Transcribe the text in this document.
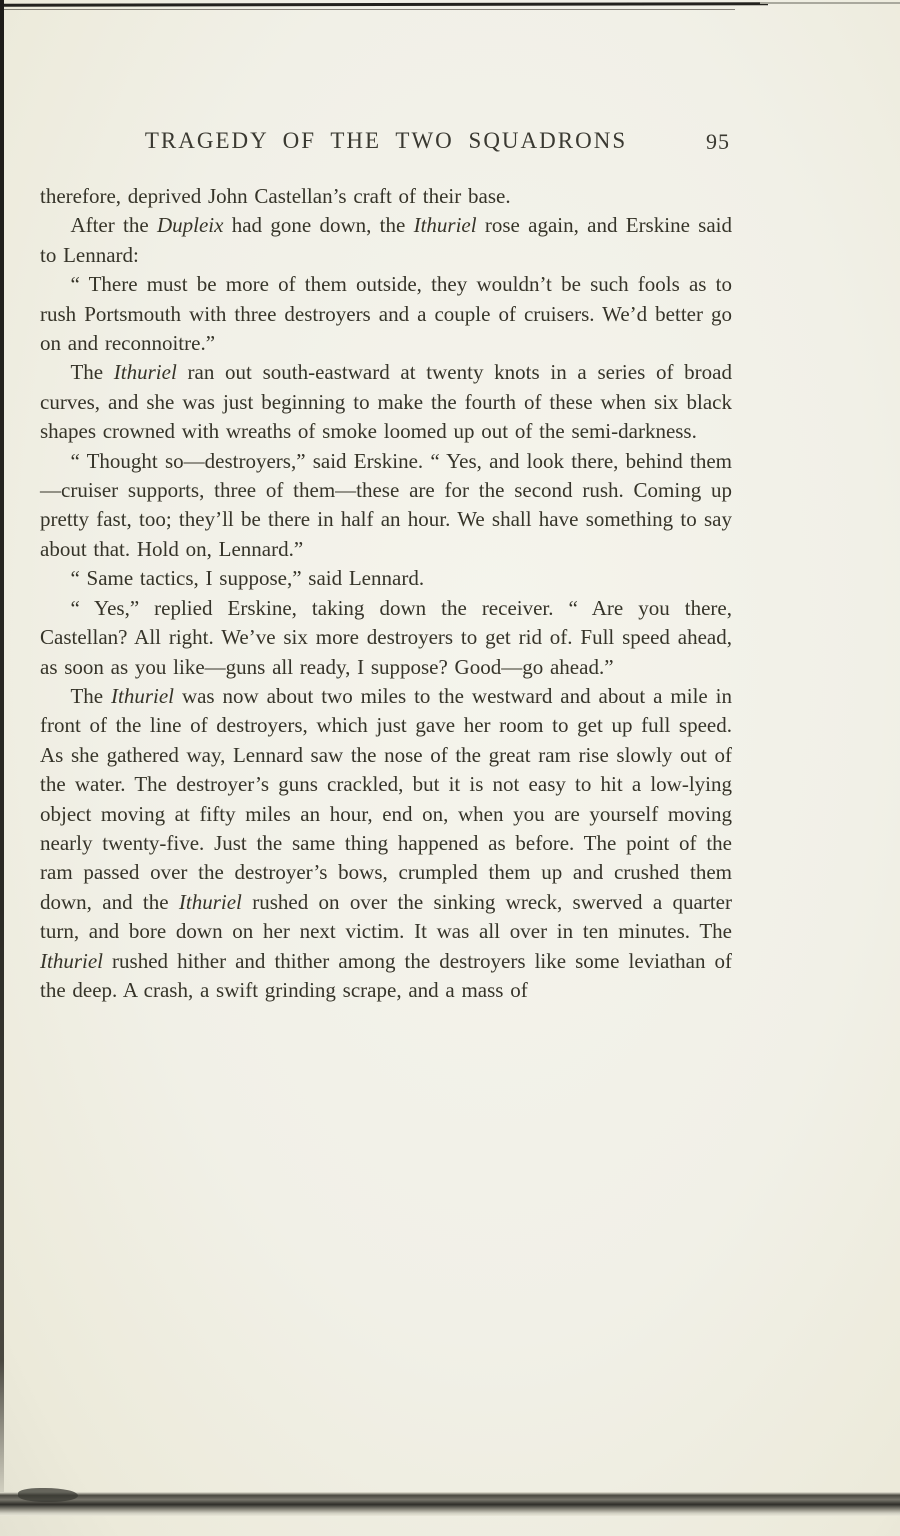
TRAGEDY OF THE TWO SQUADRONS	95

therefore, deprived John Castellan’s craft of their base.

After the Dupleix had gone down, the Ithuriel rose again, and Erskine said to Lennard:

“ There must be more of them outside, they wouldn’t be such fools as to rush Portsmouth with three destroyers and a couple of cruisers. We’d better go on and reconnoitre.”

The Ithuriel ran out south-eastward at twenty knots in a series of broad curves, and she was just beginning to make the fourth of these when six black shapes crowned with wreaths of smoke loomed up out of the semi-darkness.

“ Thought so—destroyers,” said Erskine. “ Yes, and look there, behind them—cruiser supports, three of them—these are for the second rush. Coming up pretty fast, too; they’ll be there in half an hour. We shall have something to say about that. Hold on, Lennard.”

“ Same tactics, I suppose,” said Lennard.

“ Yes,” replied Erskine, taking down the receiver. “ Are you there, Castellan? All right. We’ve six more destroyers to get rid of. Full speed ahead, as soon as you like—guns all ready, I suppose? Good—go ahead.”

The Ithuriel was now about two miles to the westward and about a mile in front of the line of destroyers, which just gave her room to get up full speed. As she gathered way, Lennard saw the nose of the great ram rise slowly out of the water. The destroyer’s guns crackled, but it is not easy to hit a low-lying object moving at fifty miles an hour, end on, when you are yourself moving nearly twenty-five. Just the same thing happened as before. The point of the ram passed over the destroyer’s bows, crumpled them up and crushed them down, and the Ithuriel rushed on over the sinking wreck, swerved a quarter turn, and bore down on her next victim. It was all over in ten minutes. The Ithuriel rushed hither and thither among the destroyers like some leviathan of the deep. A crash, a swift grinding scrape, and a mass of
